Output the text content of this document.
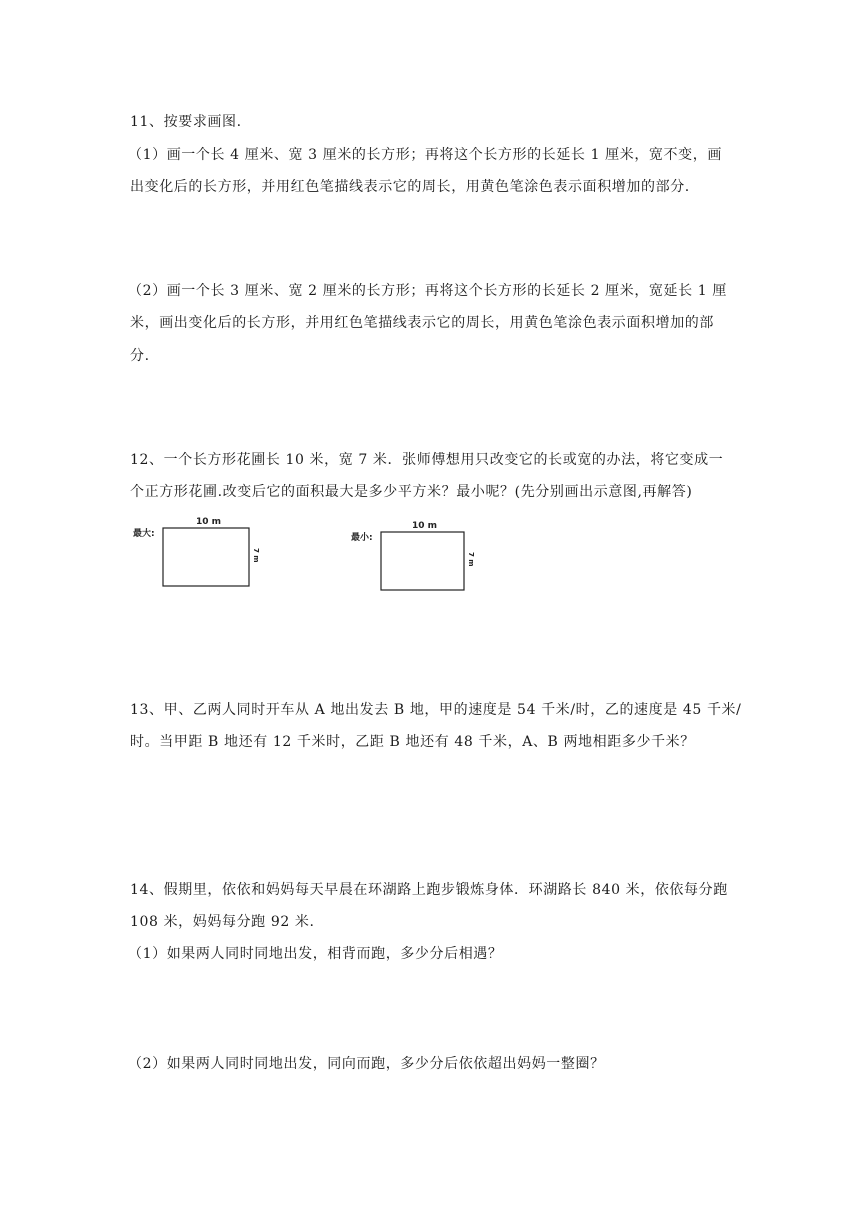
11、按要求画图.
（1）画一个长 4 厘米、宽 3 厘米的长方形；再将这个长方形的长延长 1 厘米，宽不变，画
出变化后的长方形，并用红色笔描线表示它的周长，用黄色笔涂色表示面积增加的部分.
（2）画一个长 3 厘米、宽 2 厘米的长方形；再将这个长方形的长延长 2 厘米，宽延长 1 厘
米，画出变化后的长方形，并用红色笔描线表示它的周长，用黄色笔涂色表示面积增加的部
分.
12、一个长方形花圃长 10 米，宽 7 米．张师傅想用只改变它的长或宽的办法，将它变成一
个正方形花圃.改变后它的面积最大是多少平方米？最小呢？(先分别画出示意图,再解答)
最大:
10 m
7 m
最小:
10 m
7 m
13、甲、乙两人同时开车从 A 地出发去 B 地，甲的速度是 54 千米/时，乙的速度是 45 千米/
时。当甲距 B 地还有 12 千米时，乙距 B 地还有 48 千米，A、B 两地相距多少千米？
14、假期里，依依和妈妈每天早晨在环湖路上跑步锻炼身体．环湖路长 840 米，依依每分跑
108 米，妈妈每分跑 92 米.
（1）如果两人同时同地出发，相背而跑，多少分后相遇？
（2）如果两人同时同地出发，同向而跑，多少分后依依超出妈妈一整圈？
